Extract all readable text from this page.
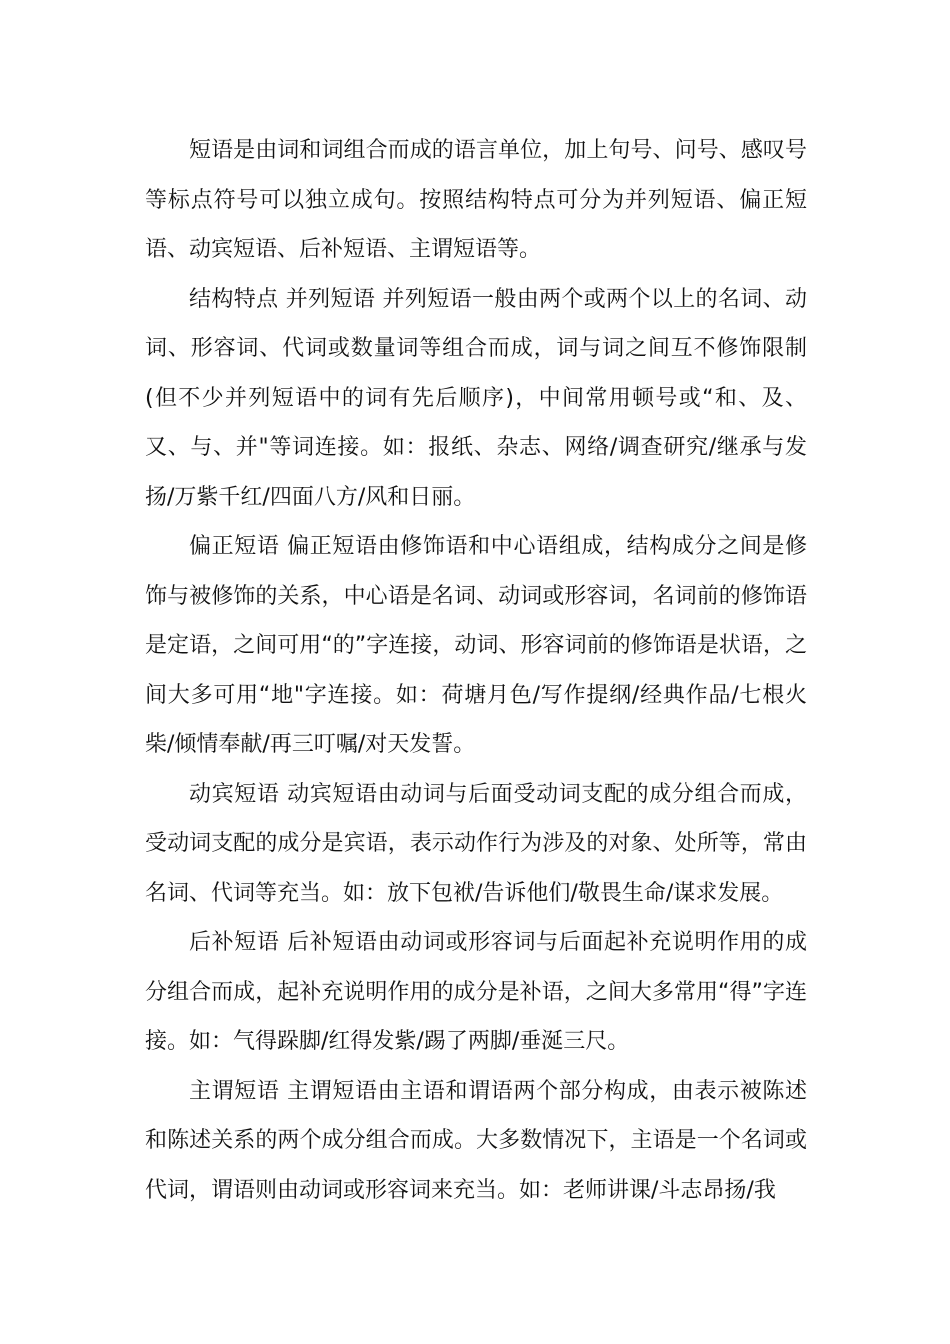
短语是由词和词组合而成的语言单位，加上句号、问号、感叹号等标点符号可以独立成句。按照结构特点可分为并列短语、偏正短语、动宾短语、后补短语、主谓短语等。

结构特点 并列短语 并列短语一般由两个或两个以上的名词、动词、形容词、代词或数量词等组合而成，词与词之间互不修饰限制(但不少并列短语中的词有先后顺序)，中间常用顿号或“和、及、又、与、并"等词连接。如：报纸、杂志、网络/调查研究/继承与发扬/万紫千红/四面八方/风和日丽。

偏正短语 偏正短语由修饰语和中心语组成，结构成分之间是修饰与被修饰的关系，中心语是名词、动词或形容词，名词前的修饰语是定语，之间可用“的”字连接，动词、形容词前的修饰语是状语，之间大多可用“地"字连接。如：荷塘月色/写作提纲/经典作品/七根火柴/倾情奉献/再三叮嘱/对天发誓。

动宾短语 动宾短语由动词与后面受动词支配的成分组合而成，受动词支配的成分是宾语，表示动作行为涉及的对象、处所等，常由名词、代词等充当。如：放下包袱/告诉他们/敬畏生命/谋求发展。

后补短语 后补短语由动词或形容词与后面起补充说明作用的成分组合而成，起补充说明作用的成分是补语，之间大多常用“得”字连接。如：气得跺脚/红得发紫/踢了两脚/垂涎三尺。

主谓短语 主谓短语由主语和谓语两个部分构成，由表示被陈述和陈述关系的两个成分组合而成。大多数情况下，主语是一个名词或代词，谓语则由动词或形容词来充当。如：老师讲课/斗志昂扬/我
